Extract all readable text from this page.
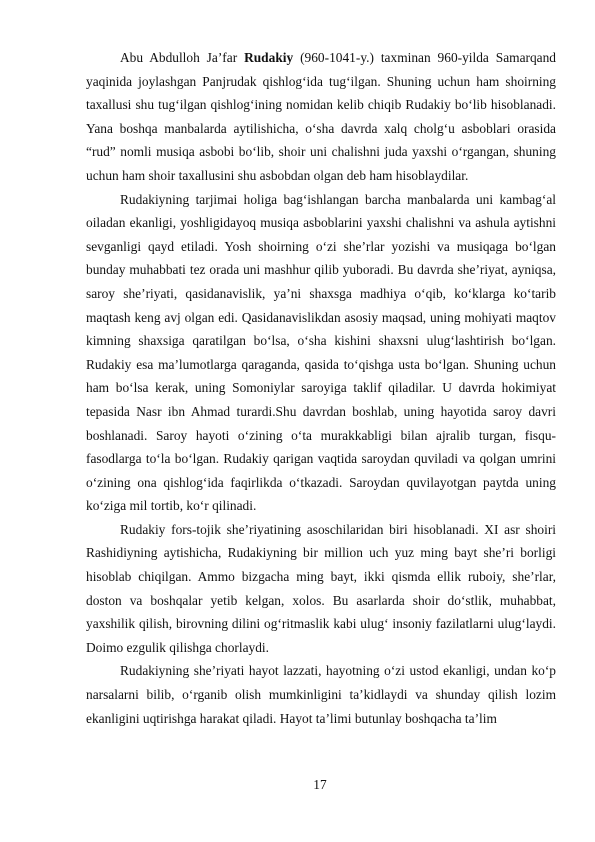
Abu Abdulloh Ja’far Rudakiy (960-1041-y.) taxminan 960-yilda Samarqand yaqinida joylashgan Panjrudak qishlog‘ida tug‘ilgan. Shuning uchun ham shoirning taxallusi shu tug‘ilgan qishlog‘ining nomidan kelib chiqib Rudakiy bo‘lib hisoblanadi. Yana boshqa manbalarda aytilishicha, o‘sha davrda xalq cholg‘u asboblari orasida “rud” nomli musiqa asbobi bo‘lib, shoir uni chalishni juda yaxshi o‘rgangan, shuning uchun ham shoir taxallusini shu asbobdan olgan deb ham hisoblaydilar.

Rudakiyning tarjimai holiga bag‘ishlangan barcha manbalarda uni kambag‘al oiladan ekanligi, yoshligidayoq musiqa asboblarini yaxshi chalishni va ashula aytishni sevganligi qayd etiladi. Yosh shoirning o‘zi she’rlar yozishi va musiqaga bo‘lgan bunday muhabbati tez orada uni mashhur qilib yuboradi. Bu davrda she’riyat, ayniqsa, saroy she’riyati, qasidanavislik, ya’ni shaxsga madhiya o‘qib, ko‘klarga ko‘tarib maqtash keng avj olgan edi. Qasidanavislikdan asosiy maqsad, uning mohiyati maqtov kimning shaxsiga qaratilgan bo‘lsa, o‘sha kishini shaxsni ulug‘lashtirish bo‘lgan. Rudakiy esa ma’lumotlarga qaraganda, qasida to‘qishga usta bo‘lgan. Shuning uchun ham bo‘lsa kerak, uning Somoniylar saroyiga taklif qiladilar. U davrda hokimiyat tepasida Nasr ibn Ahmad turardi.Shu davrdan boshlab, uning hayotida saroy davri boshlanadi. Saroy hayoti o‘zining o‘ta murakkabligi bilan ajralib turgan, fisqu-fasodlarga to‘la bo‘lgan. Rudakiy qarigan vaqtida saroydan quviladi va qolgan umrini o‘zining ona qishlog‘ida faqirlikda o‘tkazadi. Saroydan quvilayotgan paytda uning ko‘ziga mil tortib, ko‘r qilinadi.

Rudakiy fors-tojik she’riyatining asoschilaridan biri hisoblanadi. XI asr shoiri Rashidiyning aytishicha, Rudakiyning bir million uch yuz ming bayt she’ri borligi hisoblab chiqilgan. Ammo bizgacha ming bayt, ikki qismda ellik ruboiy, she’rlar, doston va boshqalar yetib kelgan, xolos. Bu asarlarda shoir do‘stlik, muhabbat, yaxshilik qilish, birovning dilini og‘ritmaslik kabi ulug‘ insoniy fazilatlarni ulug‘laydi. Doimo ezgulik qilishga chorlaydi.

Rudakiyning she’riyati hayot lazzati, hayotning o‘zi ustod ekanligi, undan ko‘p narsalarni bilib, o‘rganib olish mumkinligini ta’kidlaydi va shunday qilish lozim ekanligini uqtirishga harakat qiladi. Hayot ta’limi butunlay boshqacha ta’lim

17
